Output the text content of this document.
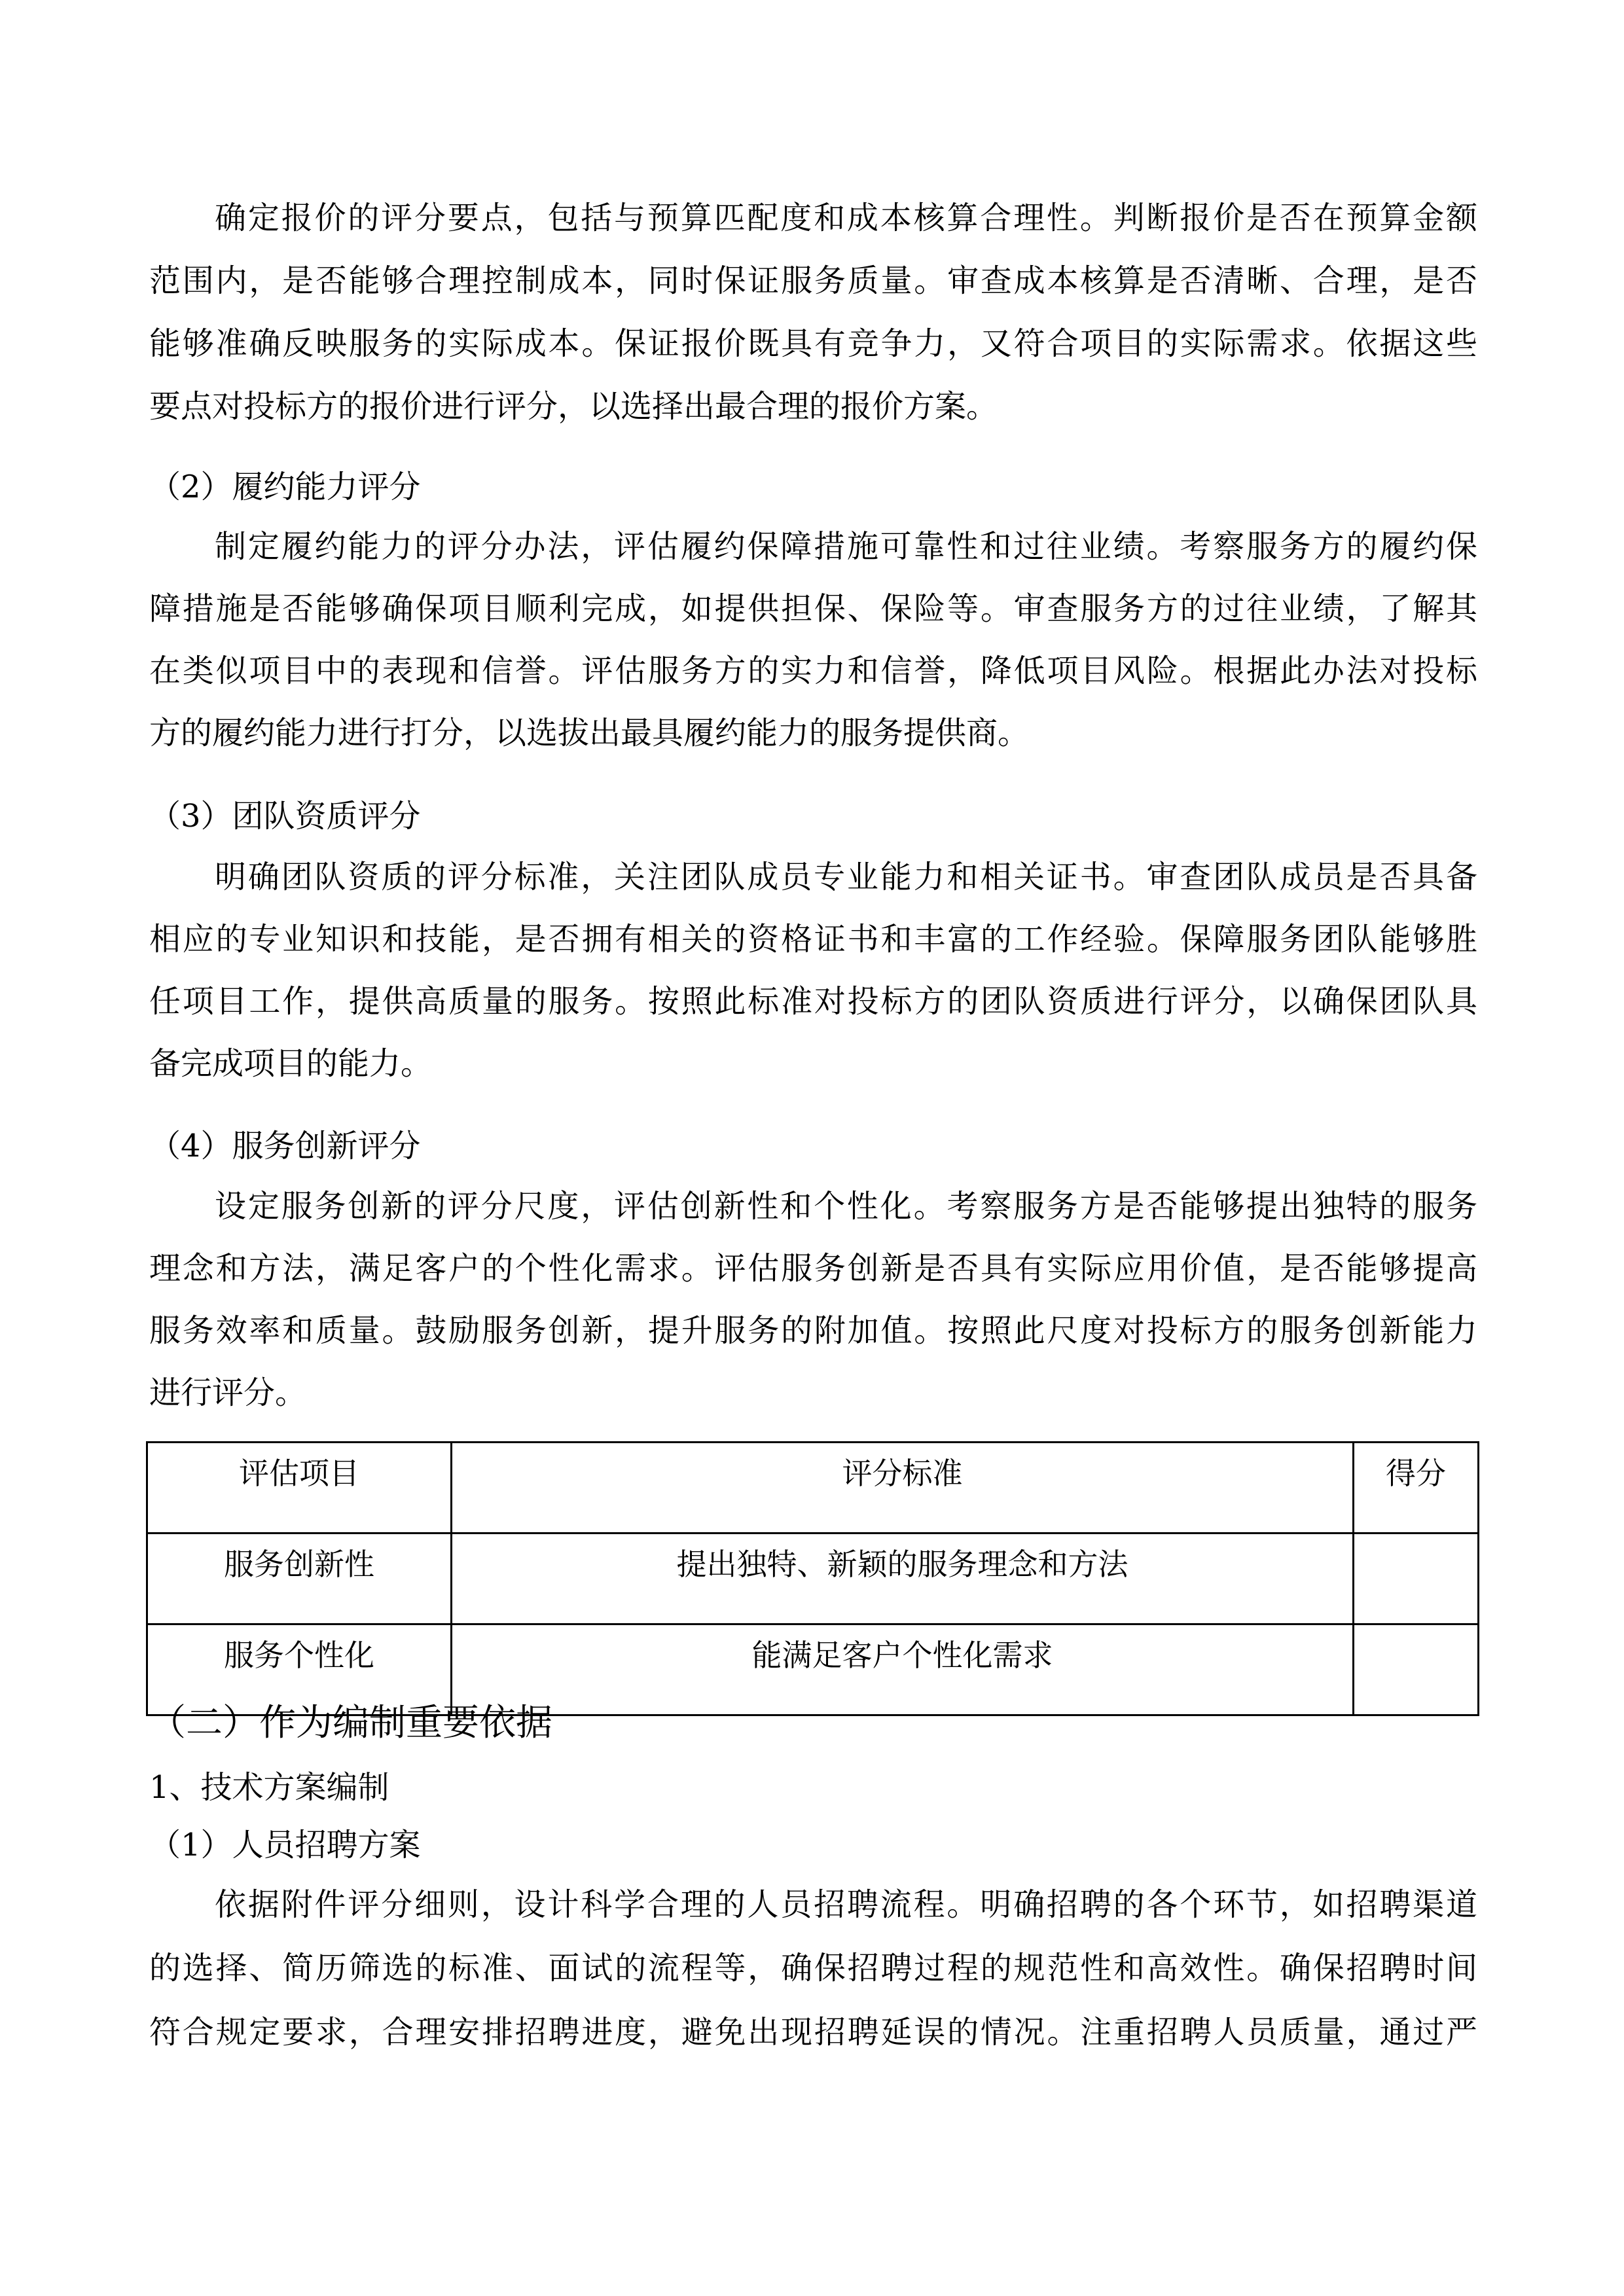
确定报价的评分要点，包括与预算匹配度和成本核算合理性。判断报价是否在预算金额
范围内，是否能够合理控制成本，同时保证服务质量。审查成本核算是否清晰、合理，是否
能够准确反映服务的实际成本。保证报价既具有竞争力，又符合项目的实际需求。依据这些
要点对投标方的报价进行评分，以选择出最合理的报价方案。
（2）履约能力评分
制定履约能力的评分办法，评估履约保障措施可靠性和过往业绩。考察服务方的履约保
障措施是否能够确保项目顺利完成，如提供担保、保险等。审查服务方的过往业绩，了解其
在类似项目中的表现和信誉。评估服务方的实力和信誉，降低项目风险。根据此办法对投标
方的履约能力进行打分，以选拔出最具履约能力的服务提供商。
（3）团队资质评分
明确团队资质的评分标准，关注团队成员专业能力和相关证书。审查团队成员是否具备
相应的专业知识和技能，是否拥有相关的资格证书和丰富的工作经验。保障服务团队能够胜
任项目工作，提供高质量的服务。按照此标准对投标方的团队资质进行评分，以确保团队具
备完成项目的能力。
（4）服务创新评分
设定服务创新的评分尺度，评估创新性和个性化。考察服务方是否能够提出独特的服务
理念和方法，满足客户的个性化需求。评估服务创新是否具有实际应用价值，是否能够提高
服务效率和质量。鼓励服务创新，提升服务的附加值。按照此尺度对投标方的服务创新能力
进行评分。
评估项目	评分标准	得分
服务创新性	提出独特、新颖的服务理念和方法	
服务个性化	能满足客户个性化需求	
（二）作为编制重要依据
1、技术方案编制
（1）人员招聘方案
依据附件评分细则，设计科学合理的人员招聘流程。明确招聘的各个环节，如招聘渠道
的选择、简历筛选的标准、面试的流程等，确保招聘过程的规范性和高效性。确保招聘时间
符合规定要求，合理安排招聘进度，避免出现招聘延误的情况。注重招聘人员质量，通过严
